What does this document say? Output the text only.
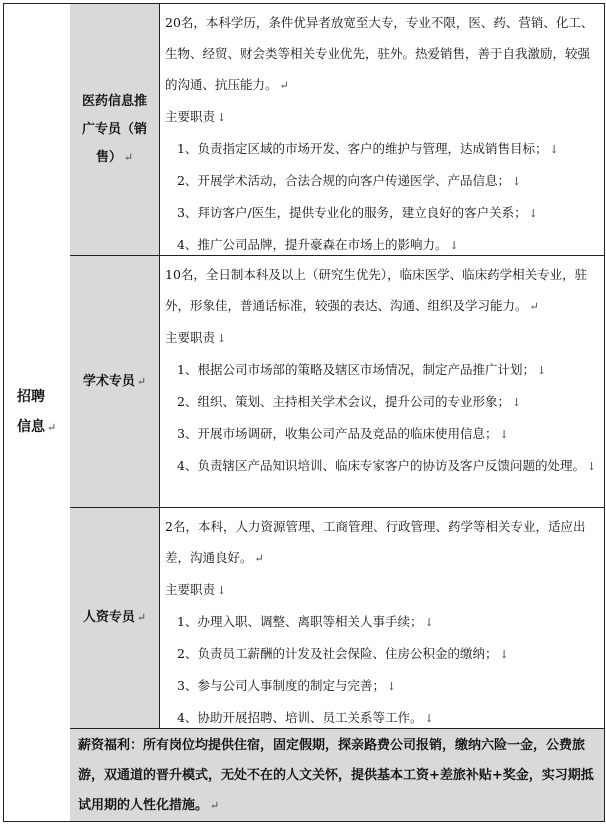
招聘信息 ↵
医药信息推广专员（销售） ↵

20名，本科学历，条件优异者放宽至大专，专业不限，医、药、营销、化工、生物、经贸、财会类等相关专业优先，驻外。热爱销售，善于自我激励，较强的沟通、抗压能力。 ↵

主要职责 ↓

1、负责指定区域的市场开发、客户的维护与管理，达成销售目标； ↓

2、开展学术活动，合法合规的向客户传递医学、产品信息； ↓

3、拜访客户/医生，提供专业化的服务，建立良好的客户关系； ↓

4、推广公司品牌，提升豪森在市场上的影响力。 ↓

学术专员 ↵

10名，全日制本科及以上（研究生优先），临床医学、临床药学相关专业，驻外，形象佳，普通话标准，较强的表达、沟通、组织及学习能力。 ↵

主要职责 ↓

1、根据公司市场部的策略及辖区市场情况，制定产品推广计划； ↓

2、组织、策划、主持相关学术会议，提升公司的专业形象； ↓

3、开展市场调研，收集公司产品及竞品的临床使用信息； ↓

4、负责辖区产品知识培训、临床专家客户的协访及客户反馈问题的处理。 ↓

人资专员 ↵

2名，本科，人力资源管理、工商管理、行政管理、药学等相关专业，适应出差，沟通良好。 ↵

主要职责 ↓

1、办理入职、调整、离职等相关人事手续； ↓

2、负责员工薪酬的计发及社会保险、住房公积金的缴纳； ↓

3、参与公司人事制度的制定与完善； ↓

4、协助开展招聘、培训、员工关系等工作。 ↓

薪资福利：所有岗位均提供住宿，固定假期，探亲路费公司报销，缴纳六险一金，公费旅游，双通道的晋升模式，无处不在的人文关怀，提供基本工资+差旅补贴+奖金，实习期抵试用期的人性化措施。 ↵
